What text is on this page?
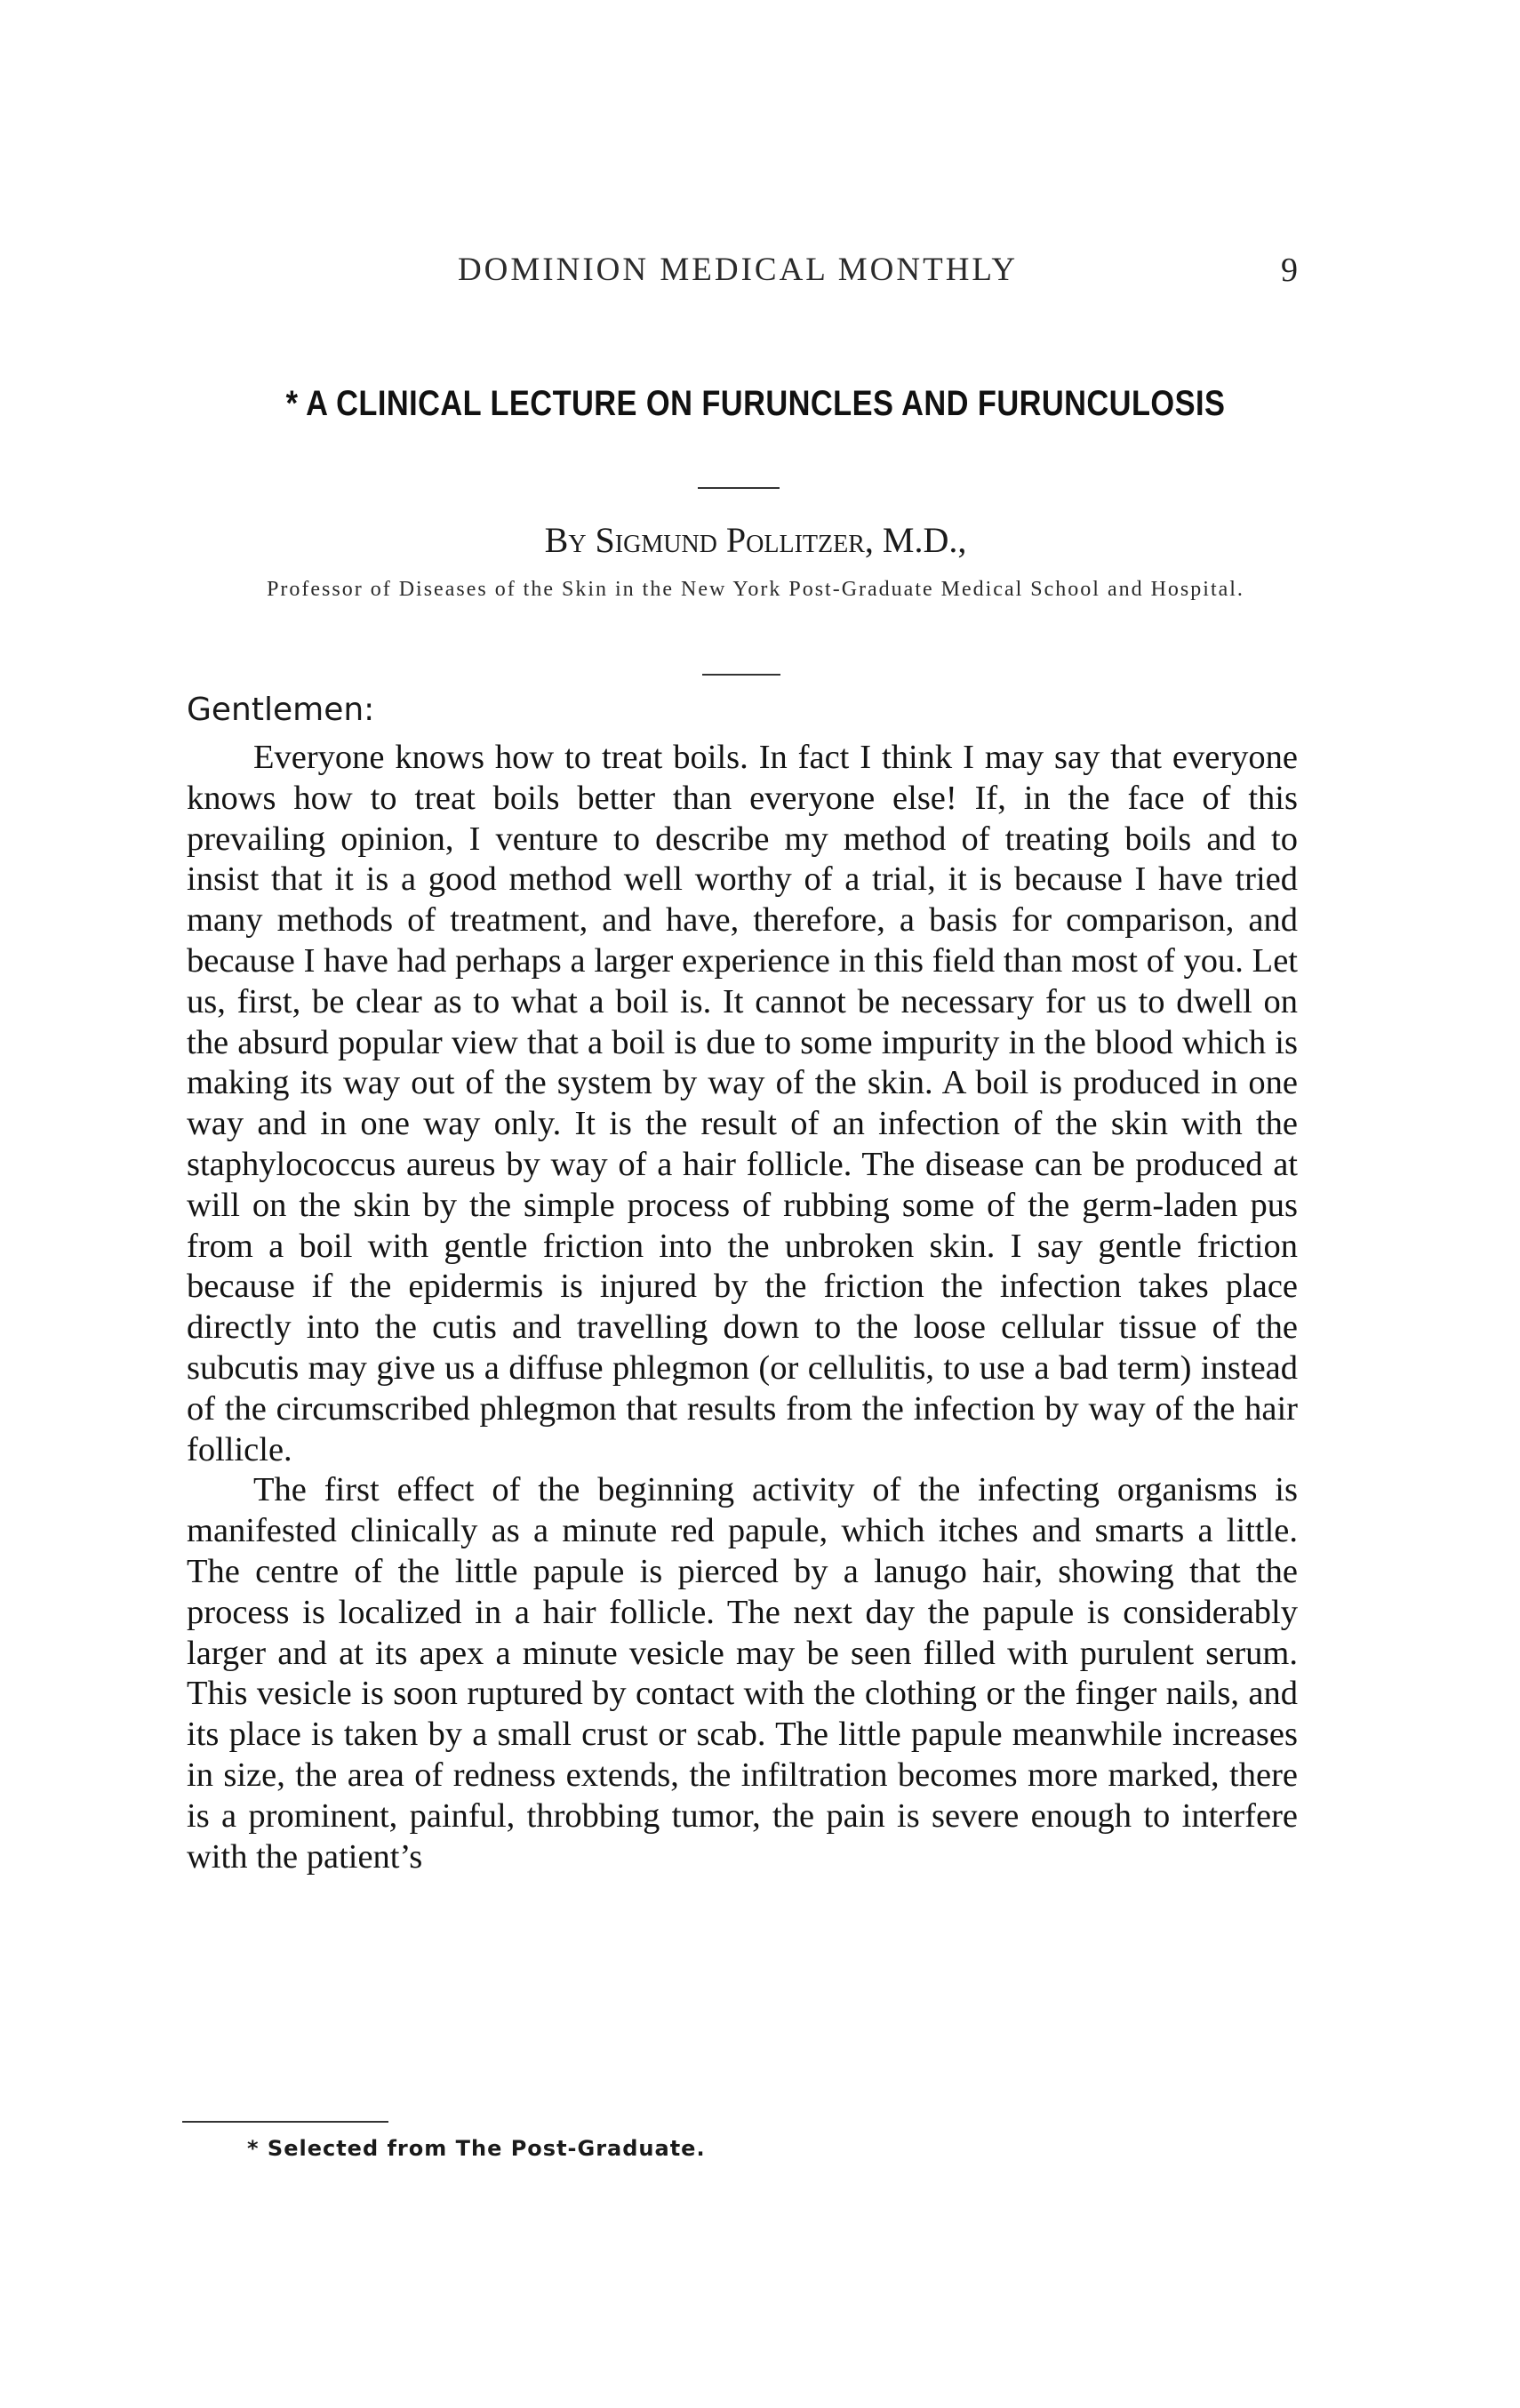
DOMINION MEDICAL MONTHLY	9
* A CLINICAL LECTURE ON FURUNCLES AND FURUNCULOSIS
By Sigmund Pollitzer, M.D.,
Professor of Diseases of the Skin in the New York Post-Graduate Medical School and Hospital.
Gentlemen:

Everyone knows how to treat boils. In fact I think I may say that everyone knows how to treat boils better than everyone else! If, in the face of this prevailing opinion, I venture to describe my method of treating boils and to insist that it is a good method well worthy of a trial, it is because I have tried many methods of treatment, and have, therefore, a basis for comparison, and because I have had perhaps a larger experience in this field than most of you. Let us, first, be clear as to what a boil is. It cannot be necessary for us to dwell on the absurd popular view that a boil is due to some impurity in the blood which is making its way out of the system by way of the skin. A boil is produced in one way and in one way only. It is the result of an infection of the skin with the staphylococcus aureus by way of a hair follicle. The disease can be produced at will on the skin by the simple process of rubbing some of the germ-laden pus from a boil with gentle friction into the unbroken skin. I say gentle friction because if the epidermis is injured by the friction the infection takes place directly into the cutis and travelling down to the loose cellular tissue of the subcutis may give us a diffuse phlegmon (or cellulitis, to use a bad term) instead of the circumscribed phlegmon that results from the infection by way of the hair follicle.

The first effect of the beginning activity of the infecting organisms is manifested clinically as a minute red papule, which itches and smarts a little. The centre of the little papule is pierced by a lanugo hair, showing that the process is localized in a hair follicle. The next day the papule is considerably larger and at its apex a minute vesicle may be seen filled with purulent serum. This vesicle is soon ruptured by contact with the clothing or the finger nails, and its place is taken by a small crust or scab. The little papule meanwhile increases in size, the area of redness extends, the infiltration becomes more marked, there is a prominent, painful, throbbing tumor, the pain is severe enough to interfere with the patient’s

* Selected from The Post-Graduate.
